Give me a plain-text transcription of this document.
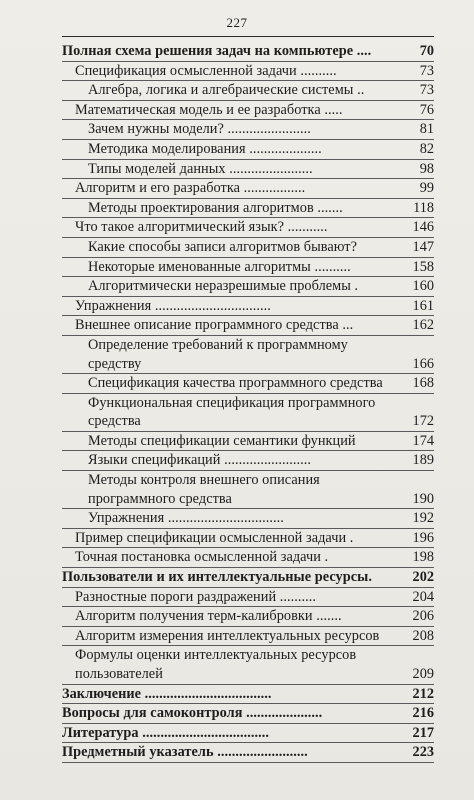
227
Полная схема решения задач на компьютере ....	70
Спецификация осмысленной задачи ..........	73
Алгебра, логика и алгебраические системы ..	73
Математическая модель и ее разработка .....	76
Зачем нужны модели? .......................	81
Методика моделирования ....................	82
Типы моделей данных .......................	98
Алгоритм и его разработка .................	99
Методы проектирования алгоритмов .......	118
Что такое алгоритмический язык? ...........	146
Какие способы записи алгоритмов бывают?	147
Некоторые именованные алгоритмы ..........	158
Алгоритмически неразрешимые проблемы .	160
Упражнения ................................	161
Внешнее описание программного средства ...	162
Определение требований к программному средству	166
Спецификация качества программного средства	168
Функциональная спецификация программного средства	172
Методы спецификации семантики функций	174
Языки спецификаций ........................	189
Методы контроля внешнего описания программного средства	190
Упражнения ................................	192
Пример спецификации осмысленной задачи .	196
Точная постановка осмысленной задачи .	198
Пользователи и их интеллектуальные ресурсы.	202
Разностные пороги раздражений ..........	204
Алгоритм получения терм-калибровки .......	206
Алгоритм измерения интеллектуальных ресурсов	208
Формулы оценки интеллектуальных ресурсов пользователей	209
Заключение ...................................	212
Вопросы для самоконтроля .....................	216
Литература ...................................	217
Предметный указатель .........................	223
